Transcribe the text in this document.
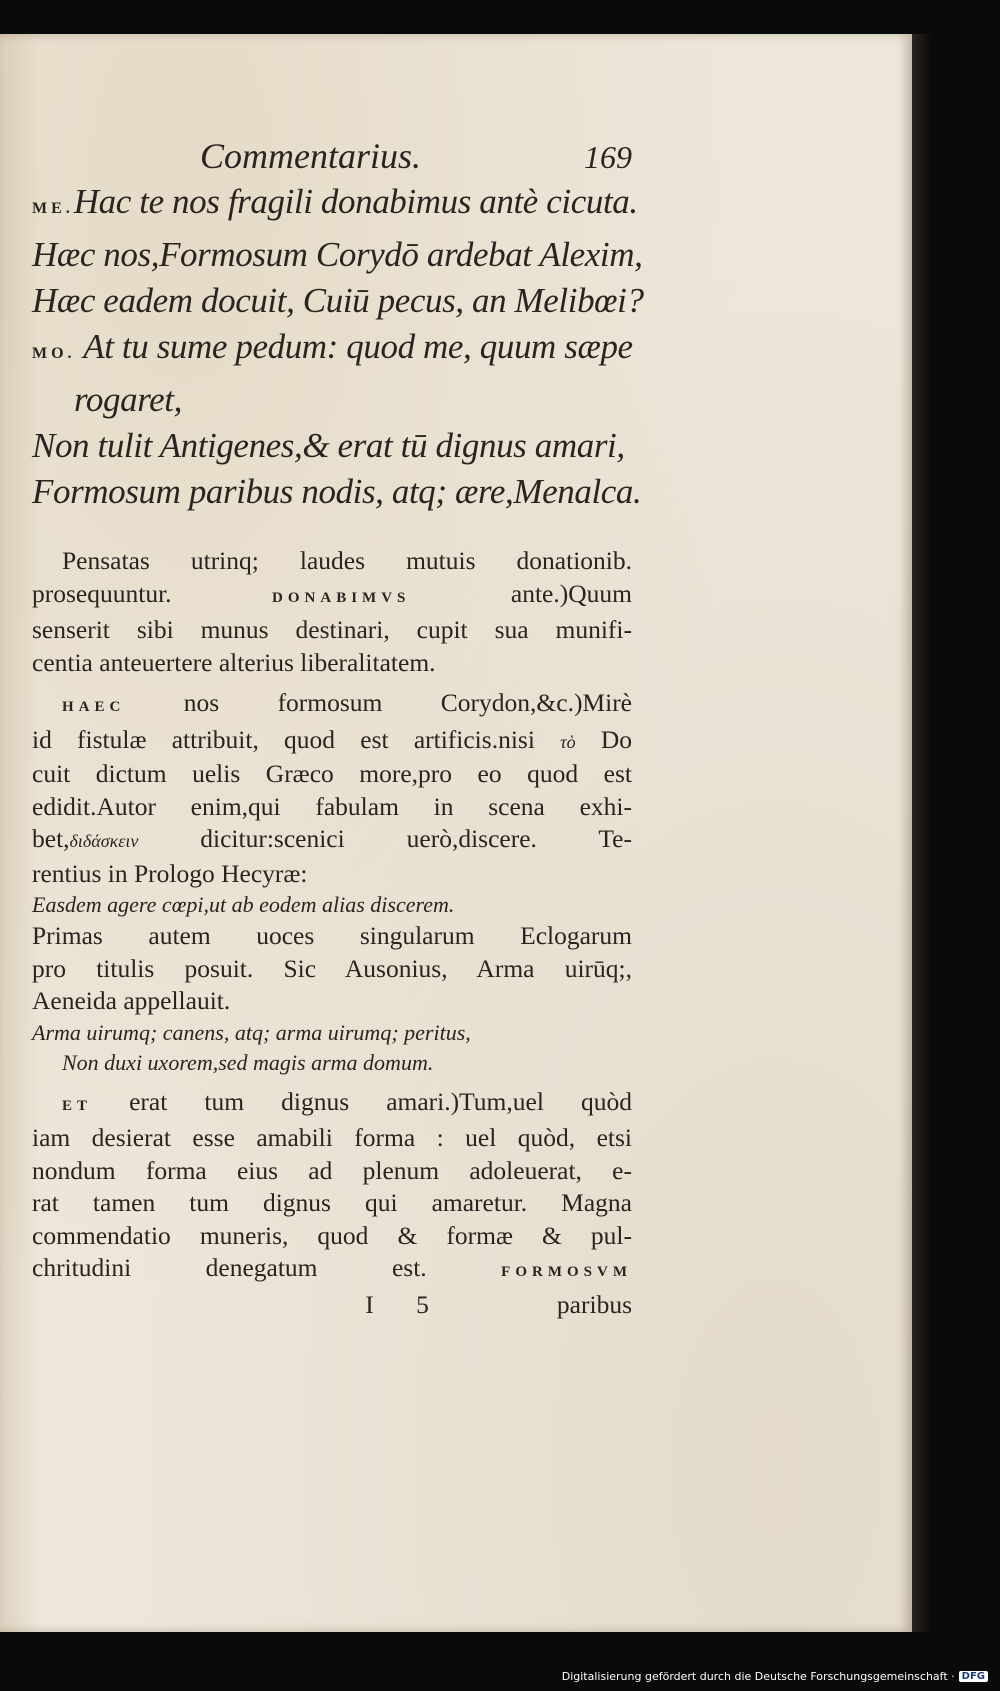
Commentarius.	169
ME.Hac te nos fragili donabimus antè cicuta.
Hæc nos,Formosum Corydō ardebat Alexim,
Hæc eadem docuit, Cuiū pecus, an Melibœi?
MO. At tu sume pedum: quod me, quum sæpe
rogaret,
Non tulit Antigenes,& erat tū dignus amari,
Formosum paribus nodis, atq; ære,Menalca.
Pensatas utrinq; laudes mutuis donationib.
prosequuntur.	DONABIMVS	ante.)Quum
senserit sibi munus destinari, cupit sua munifi-
centia anteuertere alterius liberalitatem.
HAEC nos formosum Corydon,&c.)Mirè
id fistulæ attribuit, quod est artificis.nisi τὸ Do
cuit dictum uelis Græco more,pro eo quod est
edidit.Autor enim,qui fabulam in scena exhi-
bet,διδάσκειν dicitur:scenici uerò,discere. Te-
rentius in Prologo Hecyræ:
Easdem agere cœpi,ut ab eodem alias discerem.
Primas autem uoces singularum Eclogarum
pro titulis posuit. Sic Ausonius, Arma uirūq;,
Aeneida appellauit.
Arma uirumq; canens, atq; arma uirumq; peritus,
Non duxi uxorem,sed magis arma domum.
ET erat tum dignus amari.)Tum,uel quòd
iam desierat esse amabili forma : uel quòd, etsi
nondum forma eius ad plenum adoleuerat, e-
rat tamen tum dignus qui amaretur. Magna
commendatio muneris, quod & formæ & pul-
chritudini denegatum est.	FORMOSVM
I 5	paribus
Digitalisierung gefördert durch die Deutsche Forschungsgemeinschaft · DFG
